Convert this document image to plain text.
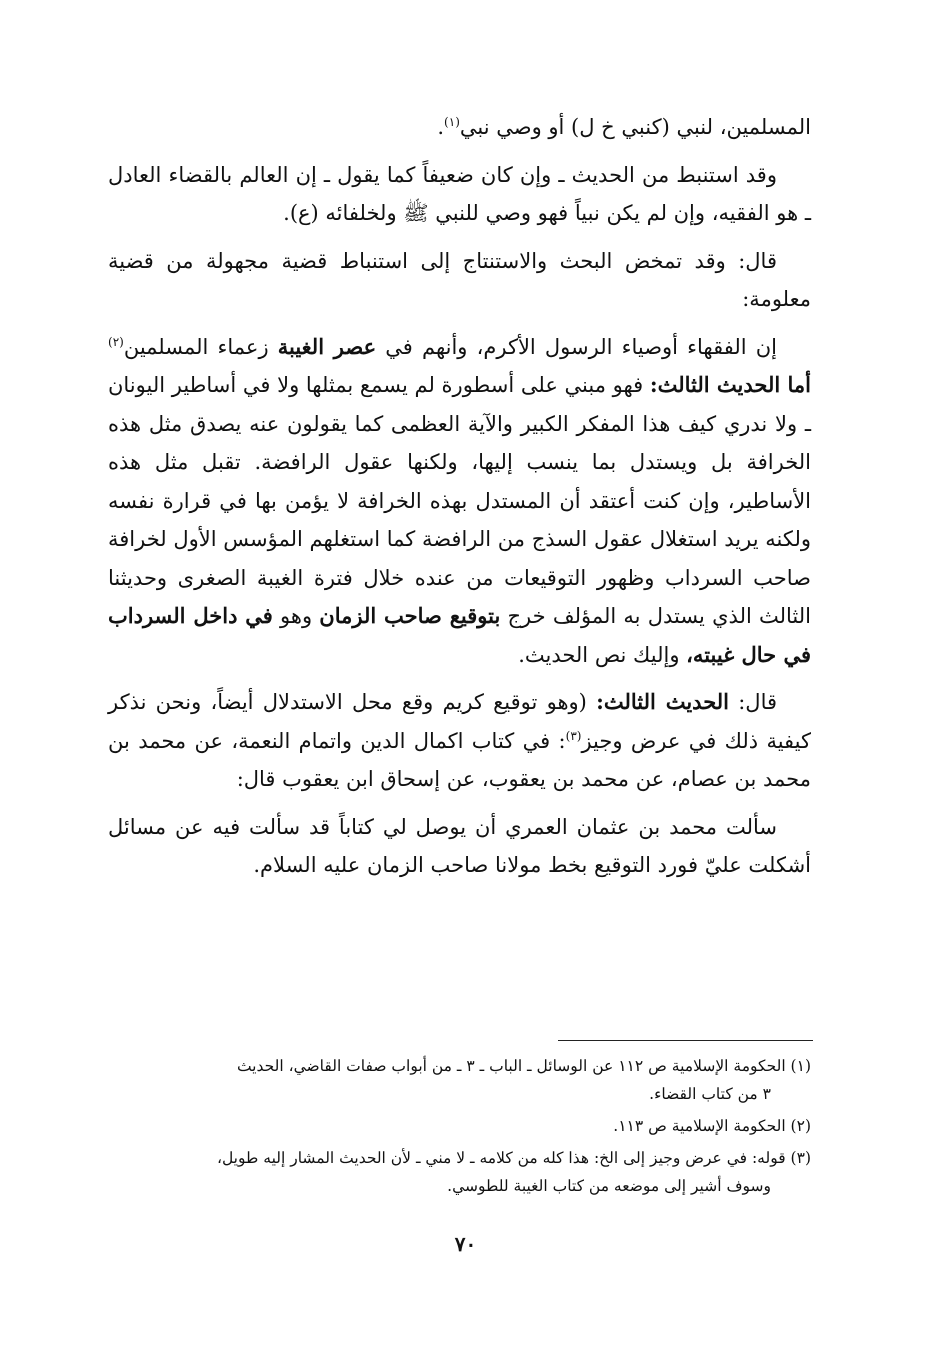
المسلمين، لنبي (كنبي خ ل) أو وصي نبي$^{(١)}$.

وقد استنبط من الحديث ـ وإن كان ضعيفاً كما يقول ـ إن العالم بالقضاء العادل ـ هو الفقيه، وإن لم يكن نبياً فهو وصي للنبي ﷺ ولخلفائه (ع).

قال: وقد تمخض البحث والاستنتاج إلى استنباط قضية مجهولة من قضية معلومة:

إن الفقهاء أوصياء الرسول الأكرم، وأنهم في عصر الغيبة زعماء المسلمين$^{(٢)}$ أما الحديث الثالث: فهو مبني على أسطورة لم يسمع بمثلها ولا في أساطير اليونان ـ ولا ندري كيف هذا المفكر الكبير والآية العظمى كما يقولون عنه يصدق مثل هذه الخرافة بل ويستدل بما ينسب إليها، ولكنها عقول الرافضة. تقبل مثل هذه الأساطير، وإن كنت أعتقد أن المستدل بهذه الخرافة لا يؤمن بها في قرارة نفسه ولكنه يريد استغلال عقول السذج من الرافضة كما استغلهم المؤسس الأول لخرافة صاحب السرداب وظهور التوقيعات من عنده خلال فترة الغيبة الصغرى وحديثنا الثالث الذي يستدل به المؤلف خرج بتوقيع صاحب الزمان وهو في داخل السرداب في حال غيبته، وإليك نص الحديث.

قال: الحديث الثالث: (وهو توقيع كريم وقع محل الاستدلال أيضاً، ونحن نذكر كيفية ذلك في عرض وجيز$^{(٣)}$: في كتاب اكمال الدين واتمام النعمة، عن محمد بن محمد بن عصام، عن محمد بن يعقوب، عن إسحاق ابن يعقوب قال:

سألت محمد بن عثمان العمري أن يوصل لي كتاباً قد سألت فيه عن مسائل أشكلت عليّ فورد التوقيع بخط مولانا صاحب الزمان عليه السلام.

(١) الحكومة الإسلامية ص ١١٢ عن الوسائل ـ الباب ـ ٣ ـ من أبواب صفات القاضي، الحديث
٣ من كتاب القضاء.
(٢) الحكومة الإسلامية ص ١١٣.
(٣) قوله: في عرض وجيز إلى الخ: هذا كله من كلامه ـ لا مني ـ لأن الحديث المشار إليه طويل،
وسوف أشير إلى موضعه من كتاب الغيبة للطوسي.
٧٠
